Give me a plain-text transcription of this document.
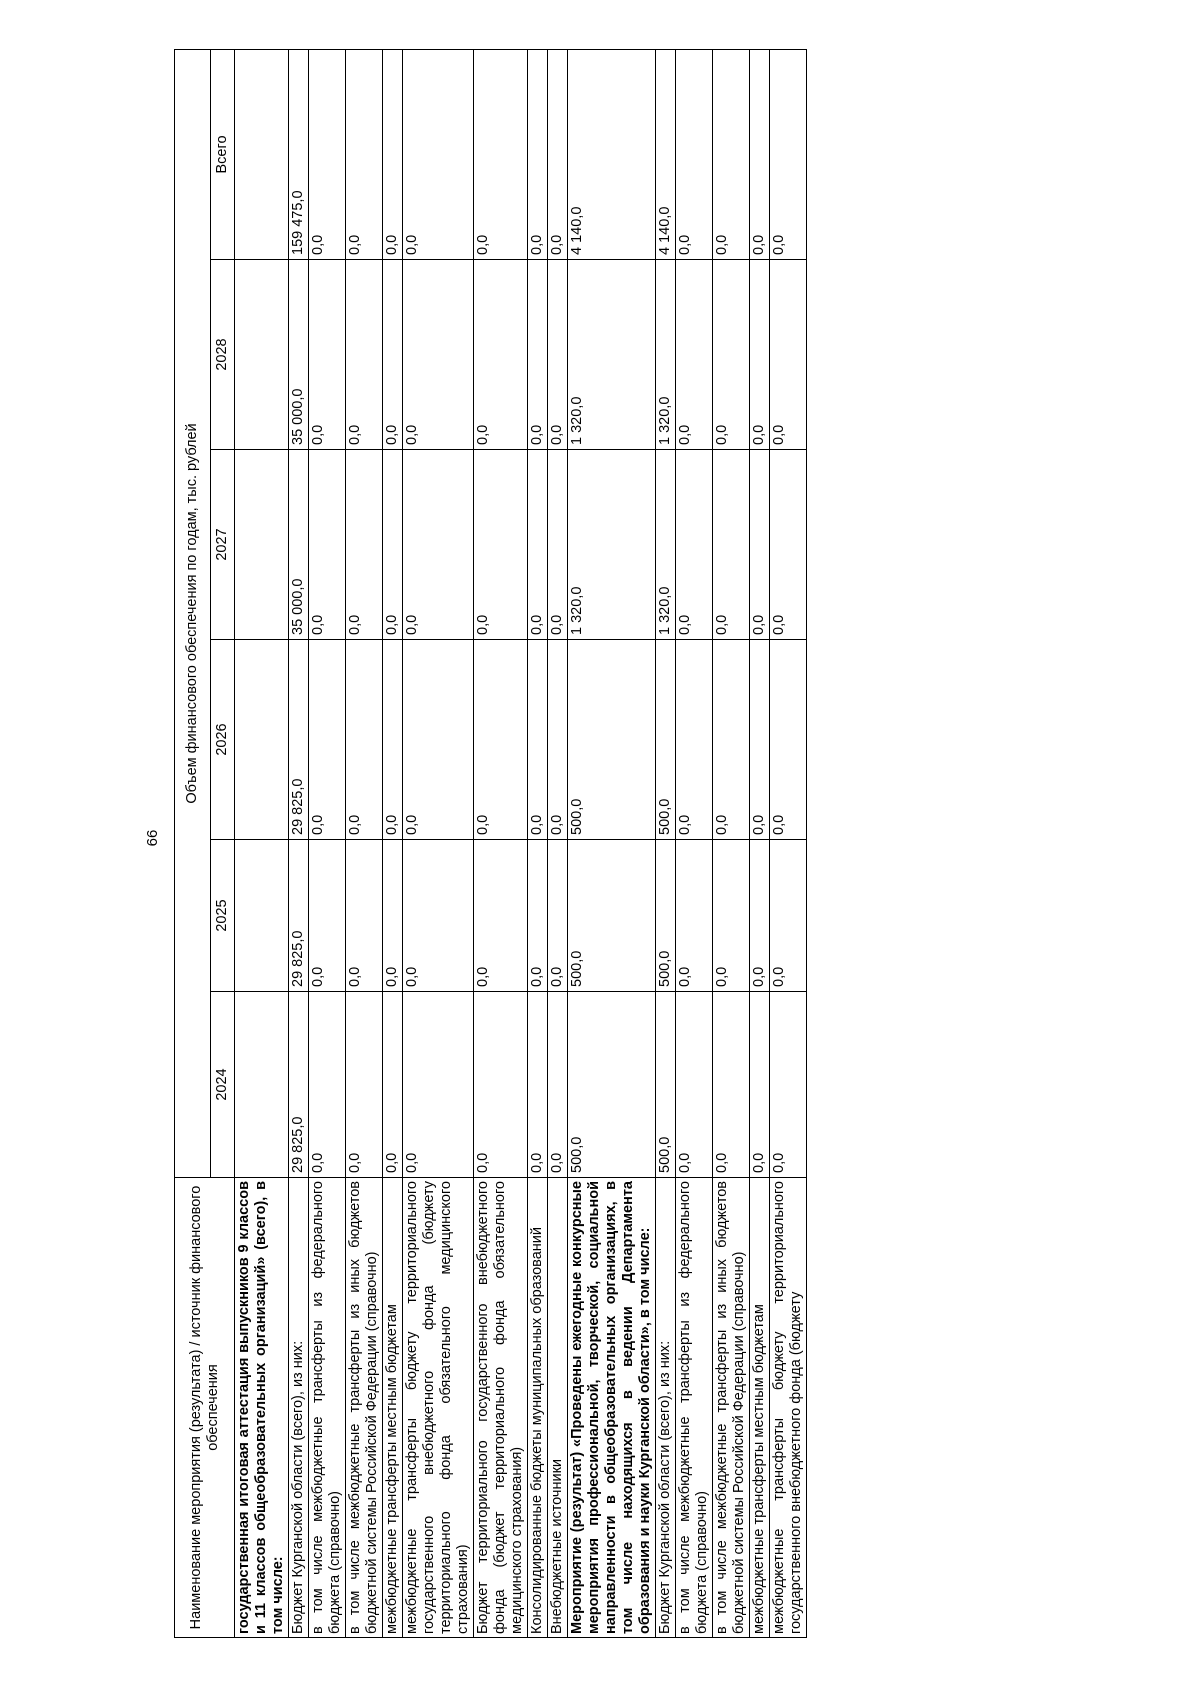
66
Наименование мероприятия (результата) / источник финансового обеспечения	Объем финансового обеспечения по годам, тыс. рублей					
	2024	2025	2026	2027	2028	Всего
государственная итоговая аттестация выпускников 9 классов и 11 классов общеобразовательных организаций» (всего), в том числе:						
Бюджет Курганской области (всего), из них:	29 825,0	29 825,0	29 825,0	35 000,0	35 000,0	159 475,0
в том числе межбюджетные трансферты из федерального бюджета (справочно)	0,0	0,0	0,0	0,0	0,0	0,0
в том числе межбюджетные трансферты из иных бюджетов бюджетной системы Российской Федерации (справочно)	0,0	0,0	0,0	0,0	0,0	0,0
межбюджетные трансферты местным бюджетам	0,0	0,0	0,0	0,0	0,0	0,0
межбюджетные трансферты бюджету территориального государственного внебюджетного фонда (бюджету территориального фонда обязательного медицинского страхования)	0,0	0,0	0,0	0,0	0,0	0,0
Бюджет территориального государственного внебюджетного фонда (бюджет территориального фонда обязательного медицинского страхования)	0,0	0,0	0,0	0,0	0,0	0,0
Консолидированные бюджеты муниципальных образований	0,0	0,0	0,0	0,0	0,0	0,0
Внебюджетные источники	0,0	0,0	0,0	0,0	0,0	0,0
Мероприятие (результат) «Проведены ежегодные конкурсные мероприятия профессиональной, творческой, социальной направленности в общеобразовательных организациях, в том числе находящихся в ведении Департамента образования и науки Курганской области», в том числе:	500,0	500,0	500,0	1 320,0	1 320,0	4 140,0
Бюджет Курганской области (всего), из них:	500,0	500,0	500,0	1 320,0	1 320,0	4 140,0
в том числе межбюджетные трансферты из федерального бюджета (справочно)	0,0	0,0	0,0	0,0	0,0	0,0
в том числе межбюджетные трансферты из иных бюджетов бюджетной системы Российской Федерации (справочно)	0,0	0,0	0,0	0,0	0,0	0,0
межбюджетные трансферты местным бюджетам	0,0	0,0	0,0	0,0	0,0	0,0
межбюджетные трансферты бюджету территориального государственного внебюджетного фонда (бюджету	0,0	0,0	0,0	0,0	0,0	0,0
